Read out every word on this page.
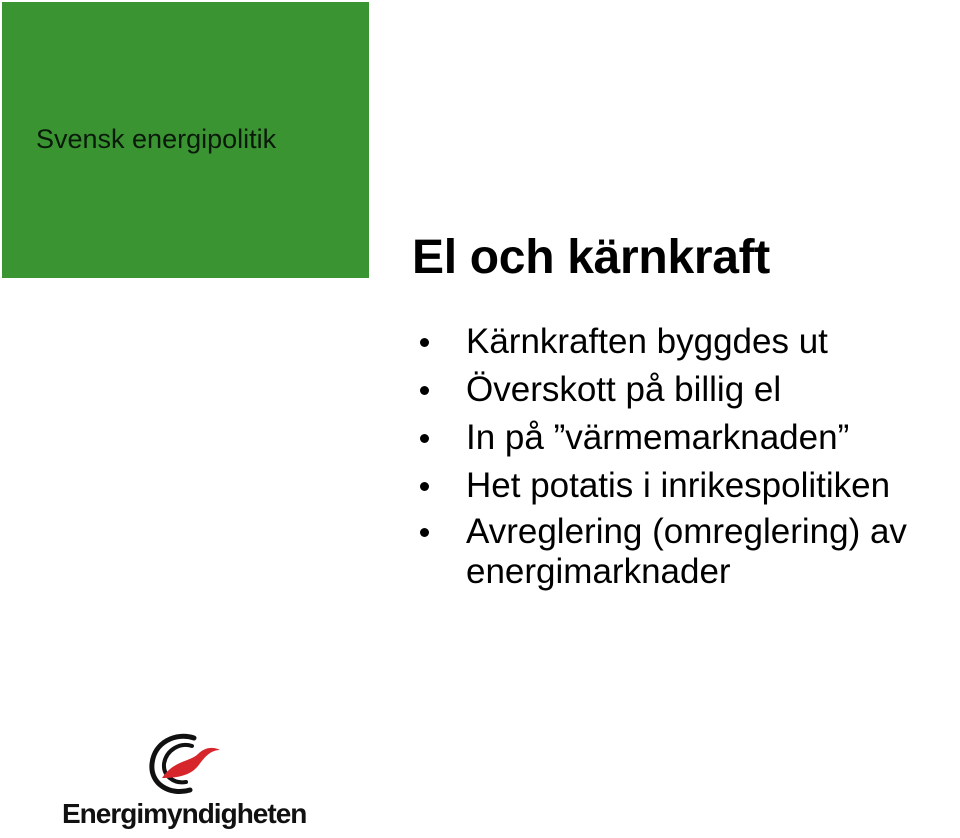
Svensk energipolitik
El och kärnkraft
Kärnkraften byggdes ut
Överskott på billig el
In på ”värmemarknaden”
Het potatis i inrikespolitiken
Avreglering (omreglering) av energimarknader
Energimyndigheten
